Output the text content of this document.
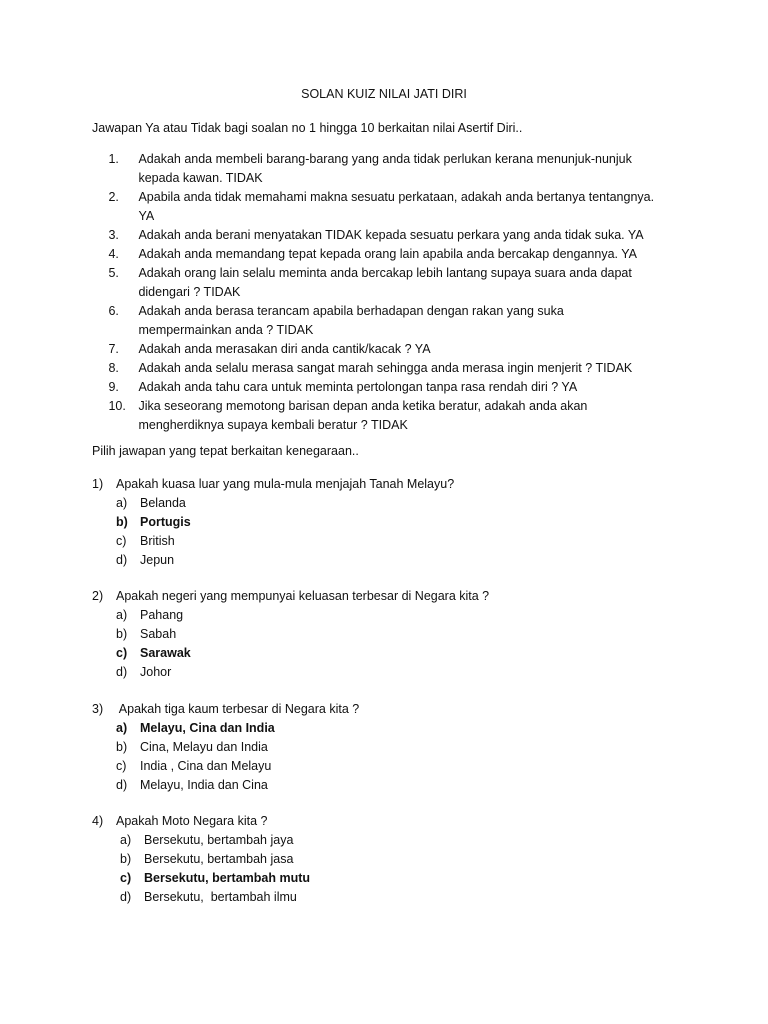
SOLAN KUIZ NILAI JATI DIRI
Jawapan Ya atau Tidak bagi soalan no 1 hingga 10 berkaitan nilai Asertif Diri..
1.	Adakah anda membeli barang-barang yang anda tidak perlukan kerana menunjuk-nunjuk
kepada kawan. TIDAK
2.	Apabila anda tidak memahami makna sesuatu perkataan, adakah anda bertanya tentangnya.
YA
3.	Adakah anda berani menyatakan TIDAK kepada sesuatu perkara yang anda tidak suka. YA
4.	Adakah anda memandang tepat kepada orang lain apabila anda bercakap dengannya. YA
5.	Adakah orang lain selalu meminta anda bercakap lebih lantang supaya suara anda dapat
didengari ? TIDAK
6.	Adakah anda berasa terancam apabila berhadapan dengan rakan yang suka
mempermainkan anda ? TIDAK
7.	Adakah anda merasakan diri anda cantik/kacak ? YA
8.	Adakah anda selalu merasa sangat marah sehingga anda merasa ingin menjerit ? TIDAK
9.	Adakah anda tahu cara untuk meminta pertolongan tanpa rasa rendah diri ? YA
10.	Jika seseorang memotong barisan depan anda ketika beratur, adakah anda akan
mengherdiknya supaya kembali beratur ? TIDAK
Pilih jawapan yang tepat berkaitan kenegaraan..
1)	Apakah kuasa luar yang mula-mula menjajah Tanah Melayu?
a)	Belanda
b) Portugis
c)	British
d)	Jepun
2)	Apakah negeri yang mempunyai keluasan terbesar di Negara kita ?
a)	Pahang
b)	Sabah
c)	Sarawak
d)	Johor
3)	Apakah tiga kaum terbesar di Negara kita ?
a)	Melayu, Cina dan India
b)	Cina, Melayu dan India
c)	India , Cina dan Melayu
d)	Melayu, India dan Cina
4)	Apakah Moto Negara kita ?
a)	Bersekutu, bertambah jaya
b)	Bersekutu, bertambah jasa
c)	Bersekutu, bertambah mutu
d)	Bersekutu,  bertambah ilmu
